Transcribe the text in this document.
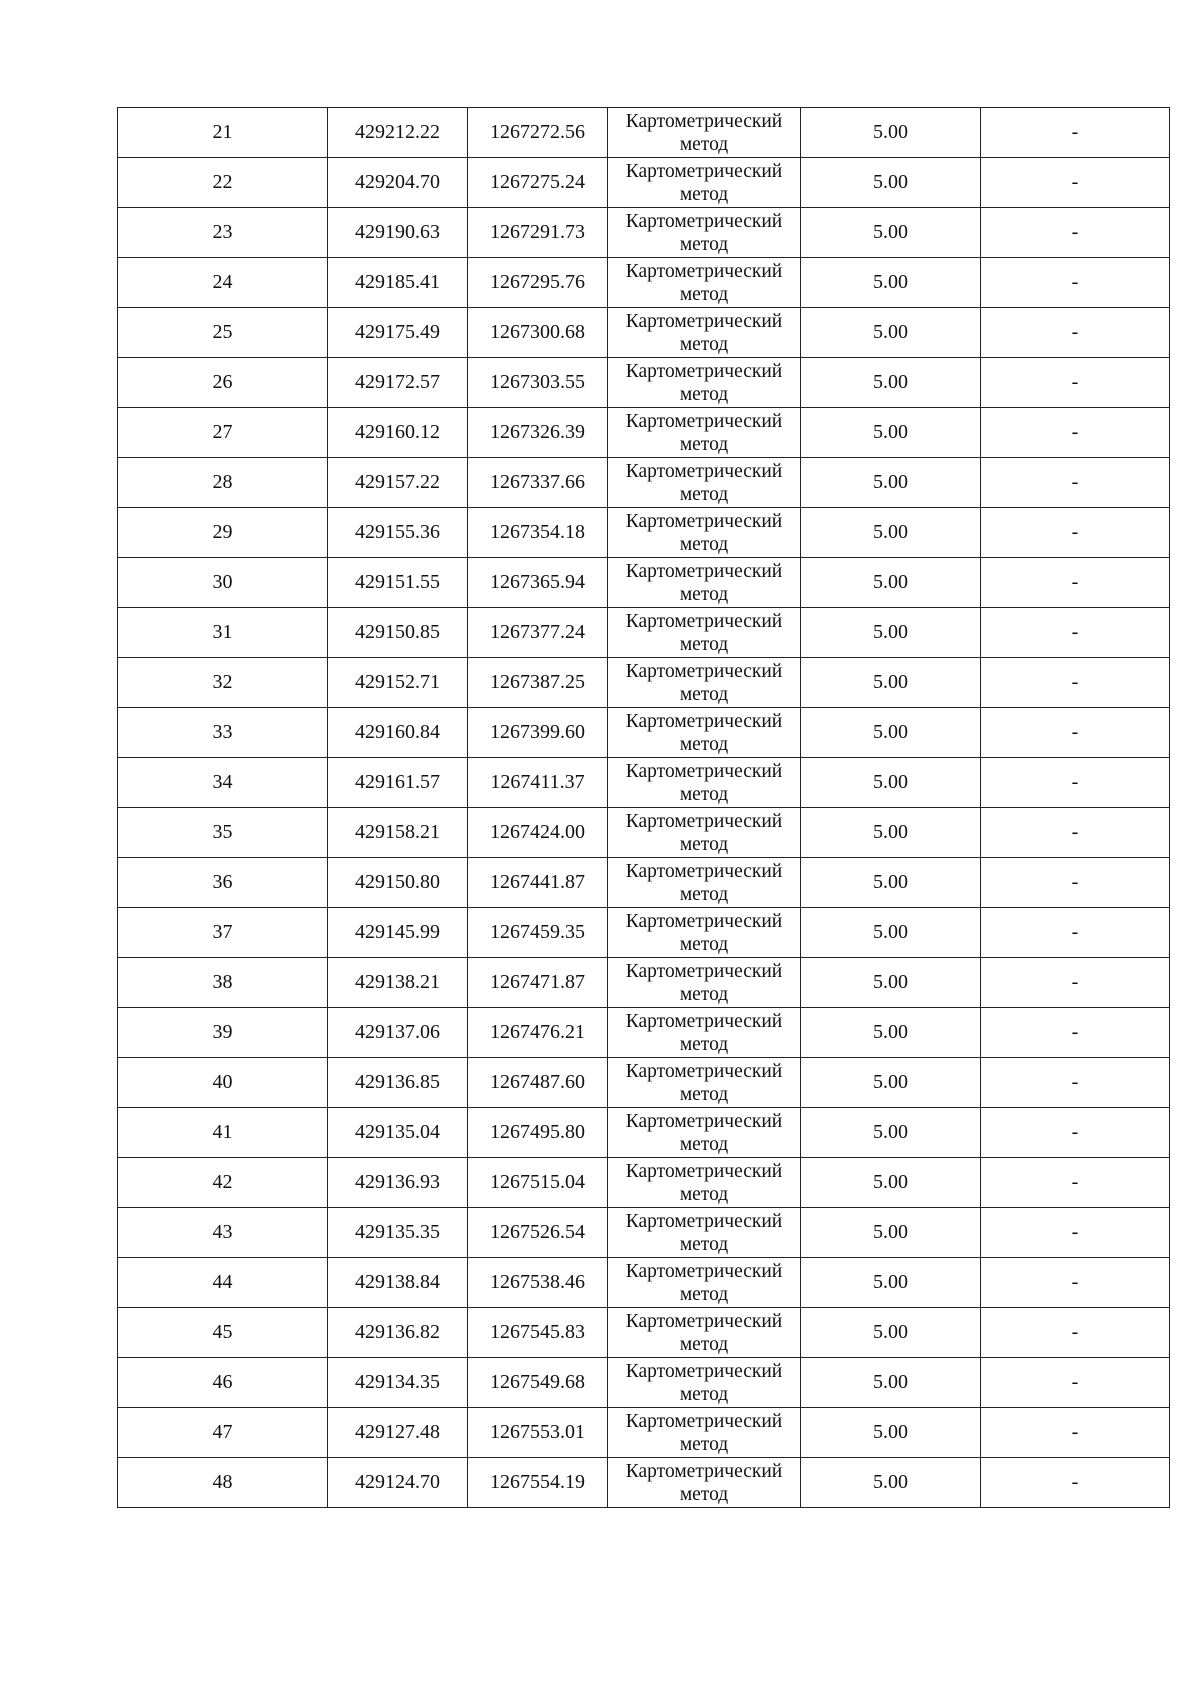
21	429212.22	1267272.56	Картометрический метод	5.00	-
22	429204.70	1267275.24	Картометрический метод	5.00	-
23	429190.63	1267291.73	Картометрический метод	5.00	-
24	429185.41	1267295.76	Картометрический метод	5.00	-
25	429175.49	1267300.68	Картометрический метод	5.00	-
26	429172.57	1267303.55	Картометрический метод	5.00	-
27	429160.12	1267326.39	Картометрический метод	5.00	-
28	429157.22	1267337.66	Картометрический метод	5.00	-
29	429155.36	1267354.18	Картометрический метод	5.00	-
30	429151.55	1267365.94	Картометрический метод	5.00	-
31	429150.85	1267377.24	Картометрический метод	5.00	-
32	429152.71	1267387.25	Картометрический метод	5.00	-
33	429160.84	1267399.60	Картометрический метод	5.00	-
34	429161.57	1267411.37	Картометрический метод	5.00	-
35	429158.21	1267424.00	Картометрический метод	5.00	-
36	429150.80	1267441.87	Картометрический метод	5.00	-
37	429145.99	1267459.35	Картометрический метод	5.00	-
38	429138.21	1267471.87	Картометрический метод	5.00	-
39	429137.06	1267476.21	Картометрический метод	5.00	-
40	429136.85	1267487.60	Картометрический метод	5.00	-
41	429135.04	1267495.80	Картометрический метод	5.00	-
42	429136.93	1267515.04	Картометрический метод	5.00	-
43	429135.35	1267526.54	Картометрический метод	5.00	-
44	429138.84	1267538.46	Картометрический метод	5.00	-
45	429136.82	1267545.83	Картометрический метод	5.00	-
46	429134.35	1267549.68	Картометрический метод	5.00	-
47	429127.48	1267553.01	Картометрический метод	5.00	-
48	429124.70	1267554.19	Картометрический метод	5.00	-
